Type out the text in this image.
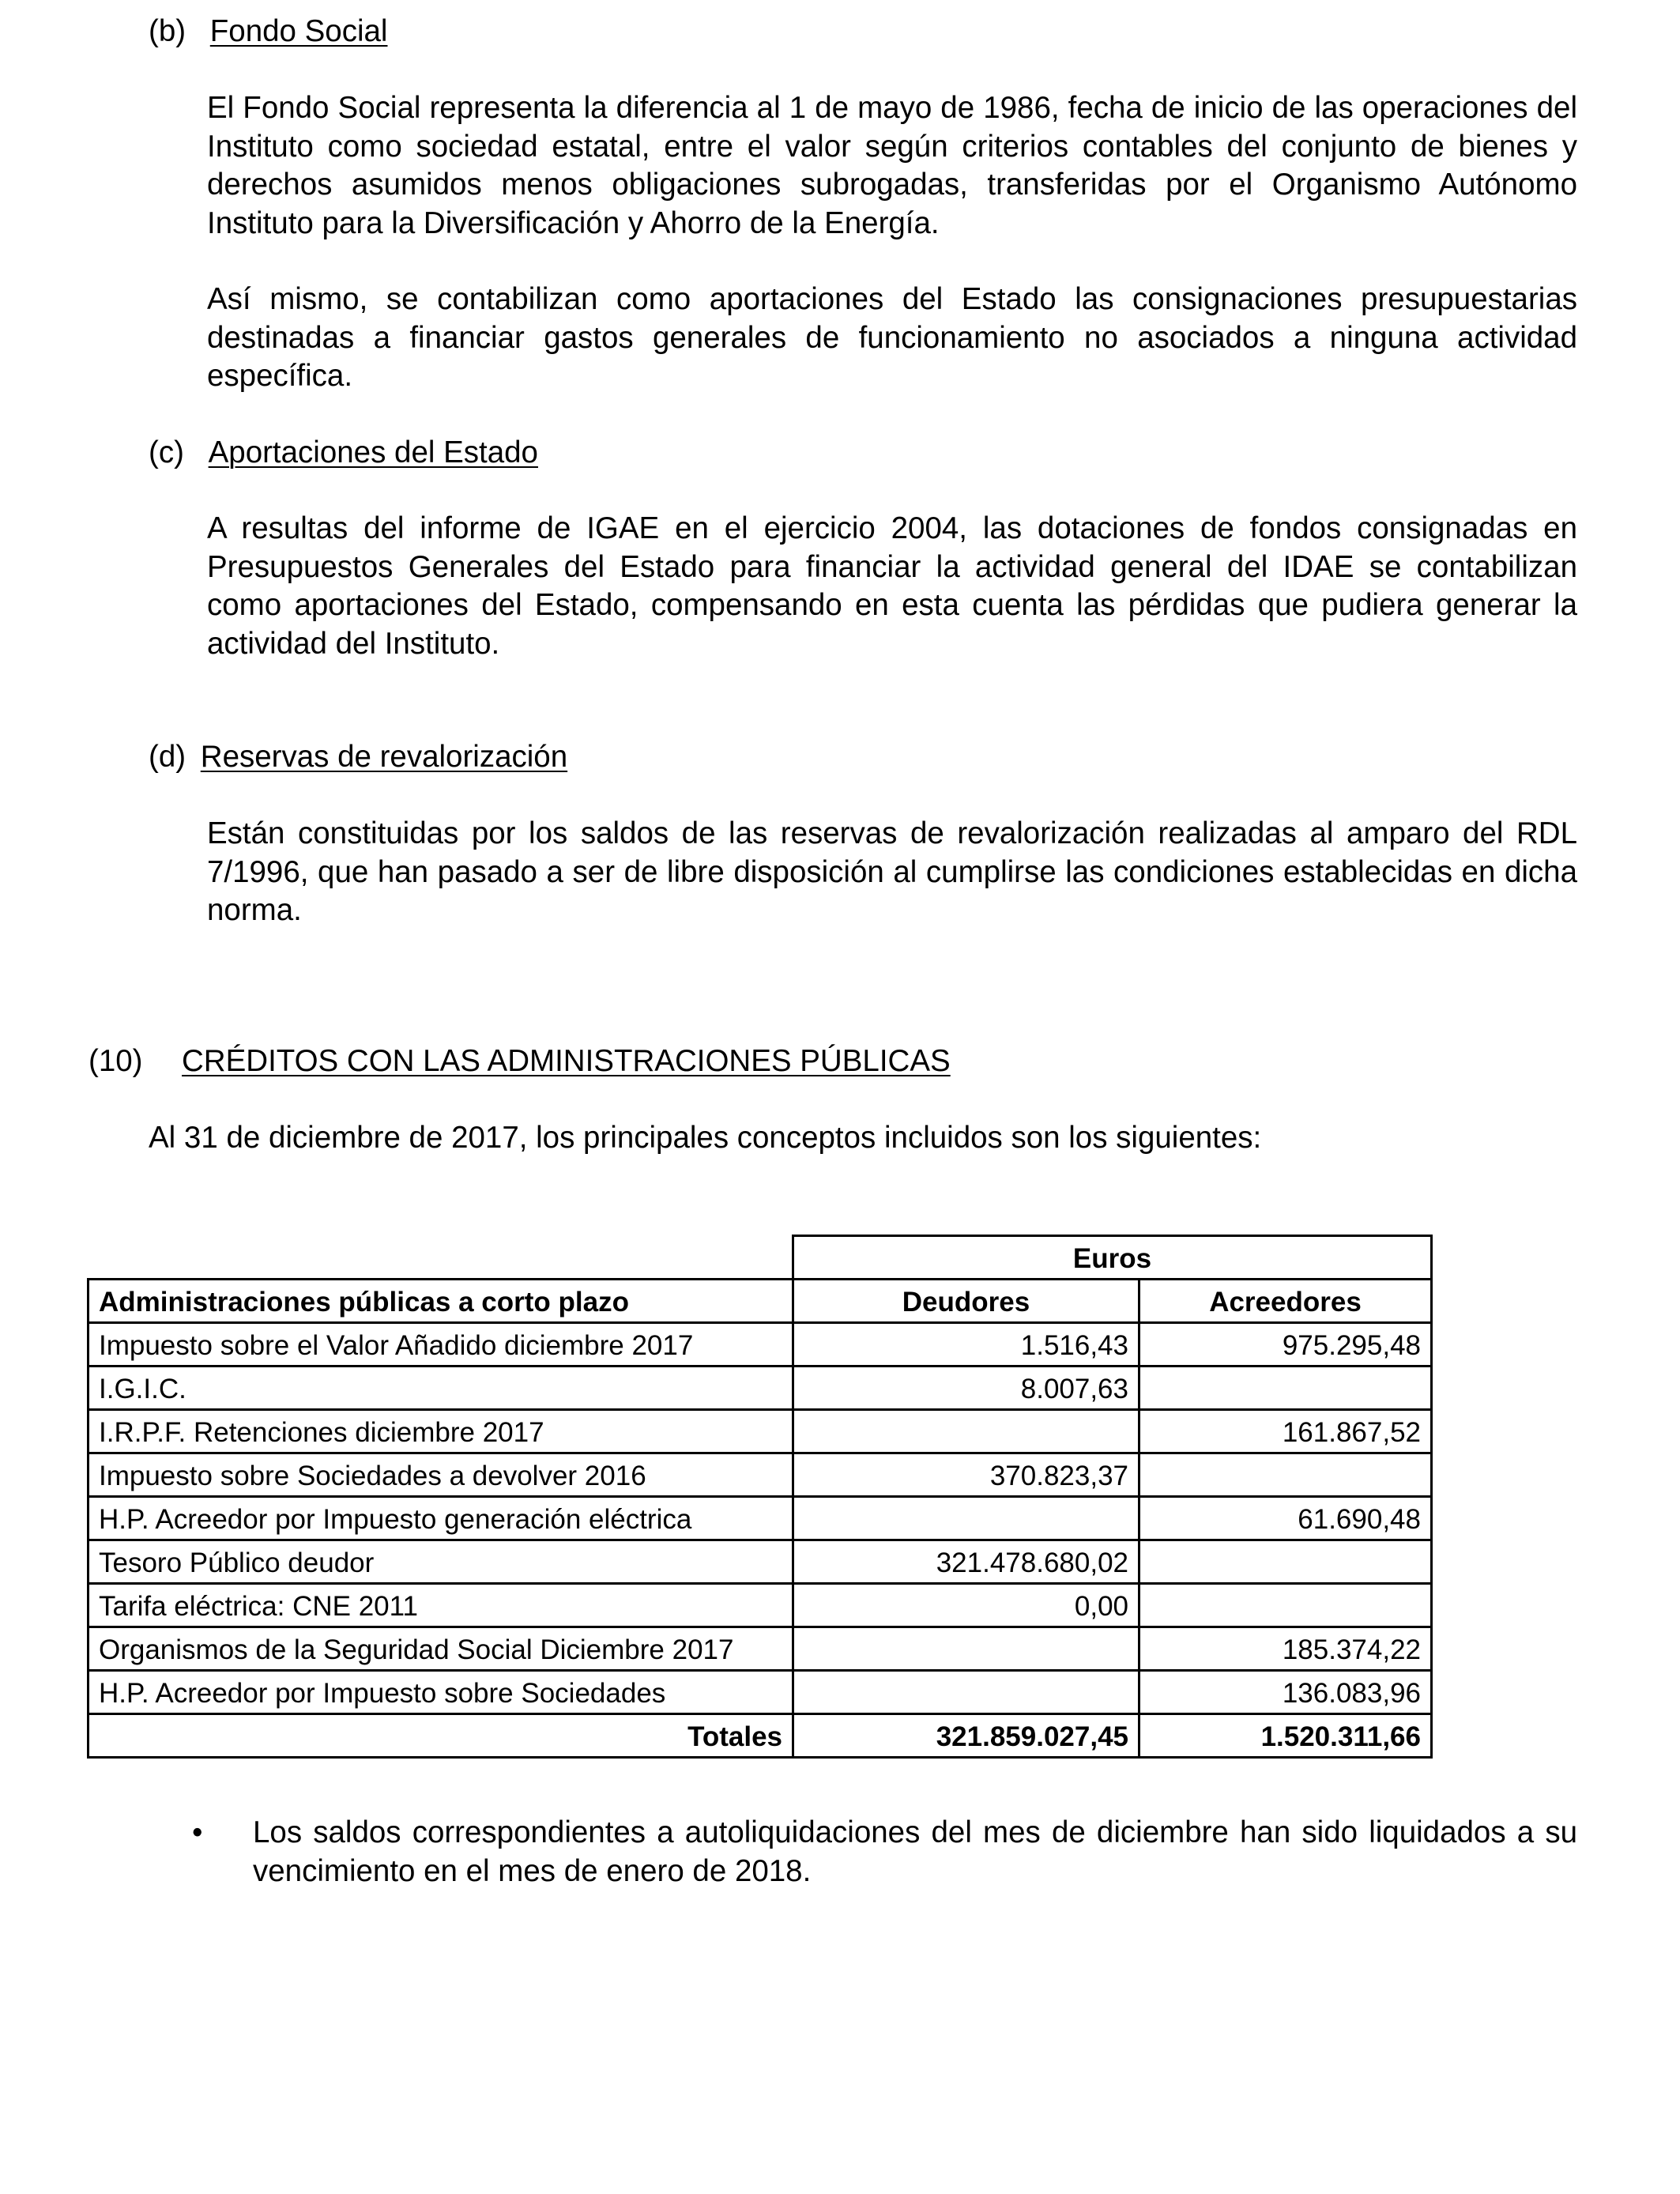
(b) Fondo Social
El Fondo Social representa la diferencia al 1 de mayo de 1986, fecha de inicio de las operaciones del Instituto como sociedad estatal, entre el valor según criterios contables del conjunto de bienes y derechos asumidos menos obligaciones subrogadas, transferidas por el Organismo Autónomo Instituto para la Diversificación y Ahorro de la Energía.
Así mismo, se contabilizan como aportaciones del Estado las consignaciones presupuestarias destinadas a financiar gastos generales de funcionamiento no asociados a ninguna actividad específica.
(c) Aportaciones del Estado
A resultas del informe de IGAE en el ejercicio 2004, las dotaciones de fondos consignadas en Presupuestos Generales del Estado para financiar la actividad general del IDAE se contabilizan como aportaciones del Estado, compensando en esta cuenta las pérdidas que pudiera generar la actividad del Instituto.
(d) Reservas de revalorización
Están constituidas por los saldos de las reservas de revalorización realizadas al amparo del RDL 7/1996, que han pasado a ser de libre disposición al cumplirse las condiciones establecidas en dicha norma.
(10) CRÉDITOS CON LAS ADMINISTRACIONES PÚBLICAS
Al 31 de diciembre de 2017, los principales conceptos incluidos son los siguientes:
	Euros	
Administraciones públicas a corto plazo	Deudores	Acreedores
Impuesto sobre el Valor Añadido diciembre 2017	1.516,43	975.295,48
I.G.I.C.	8.007,63	
I.R.P.F. Retenciones diciembre 2017		161.867,52
Impuesto sobre Sociedades a devolver 2016	370.823,37	
H.P. Acreedor por Impuesto generación eléctrica		61.690,48
Tesoro Público deudor	321.478.680,02	
Tarifa eléctrica: CNE 2011	0,00	
Organismos de la Seguridad Social Diciembre 2017		185.374,22
H.P. Acreedor por Impuesto sobre Sociedades		136.083,96
Totales	321.859.027,45	1.520.311,66
• Los saldos correspondientes a autoliquidaciones del mes de diciembre han sido liquidados a su vencimiento en el mes de enero de 2018.
